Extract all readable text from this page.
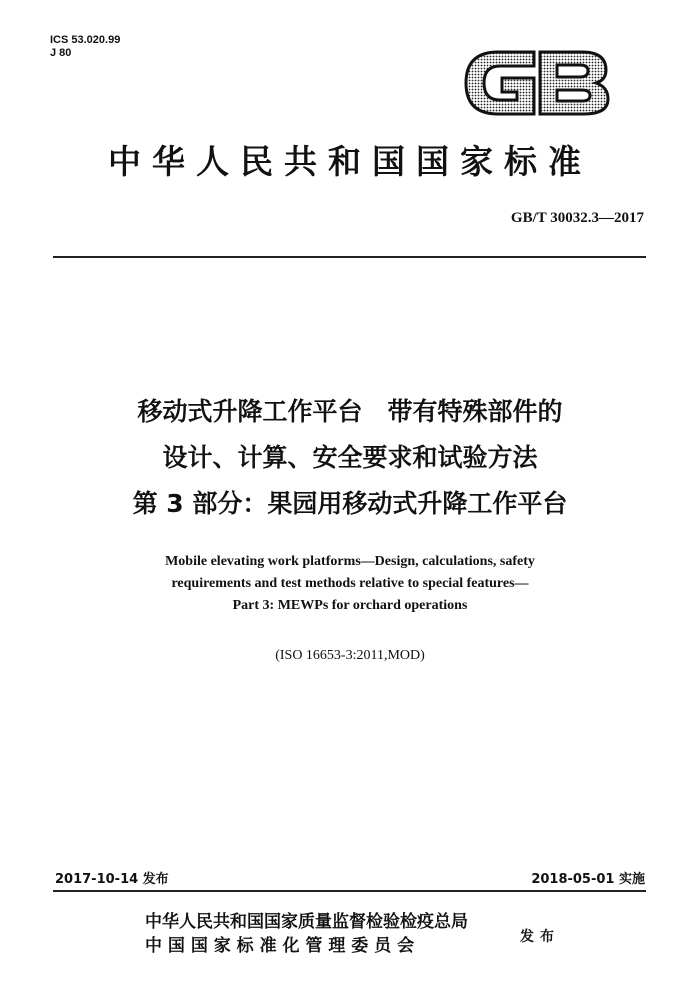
ICS 53.020.99
J 80
中华人民共和国国家标准
GB/T 30032.3—2017
移动式升降工作平台　带有特殊部件的
设计、计算、安全要求和试验方法
第 3 部分：果园用移动式升降工作平台
Mobile elevating work platforms—Design, calculations, safety
requirements and test methods relative to special features—
Part 3: MEWPs for orchard operations
(ISO 16653-3:2011,MOD)
2017-10-14 发布	2018-05-01 实施
中华人民共和国国家质量监督检验检疫总局
中 国 国 家 标 准 化 管 理 委 员 会	发布
